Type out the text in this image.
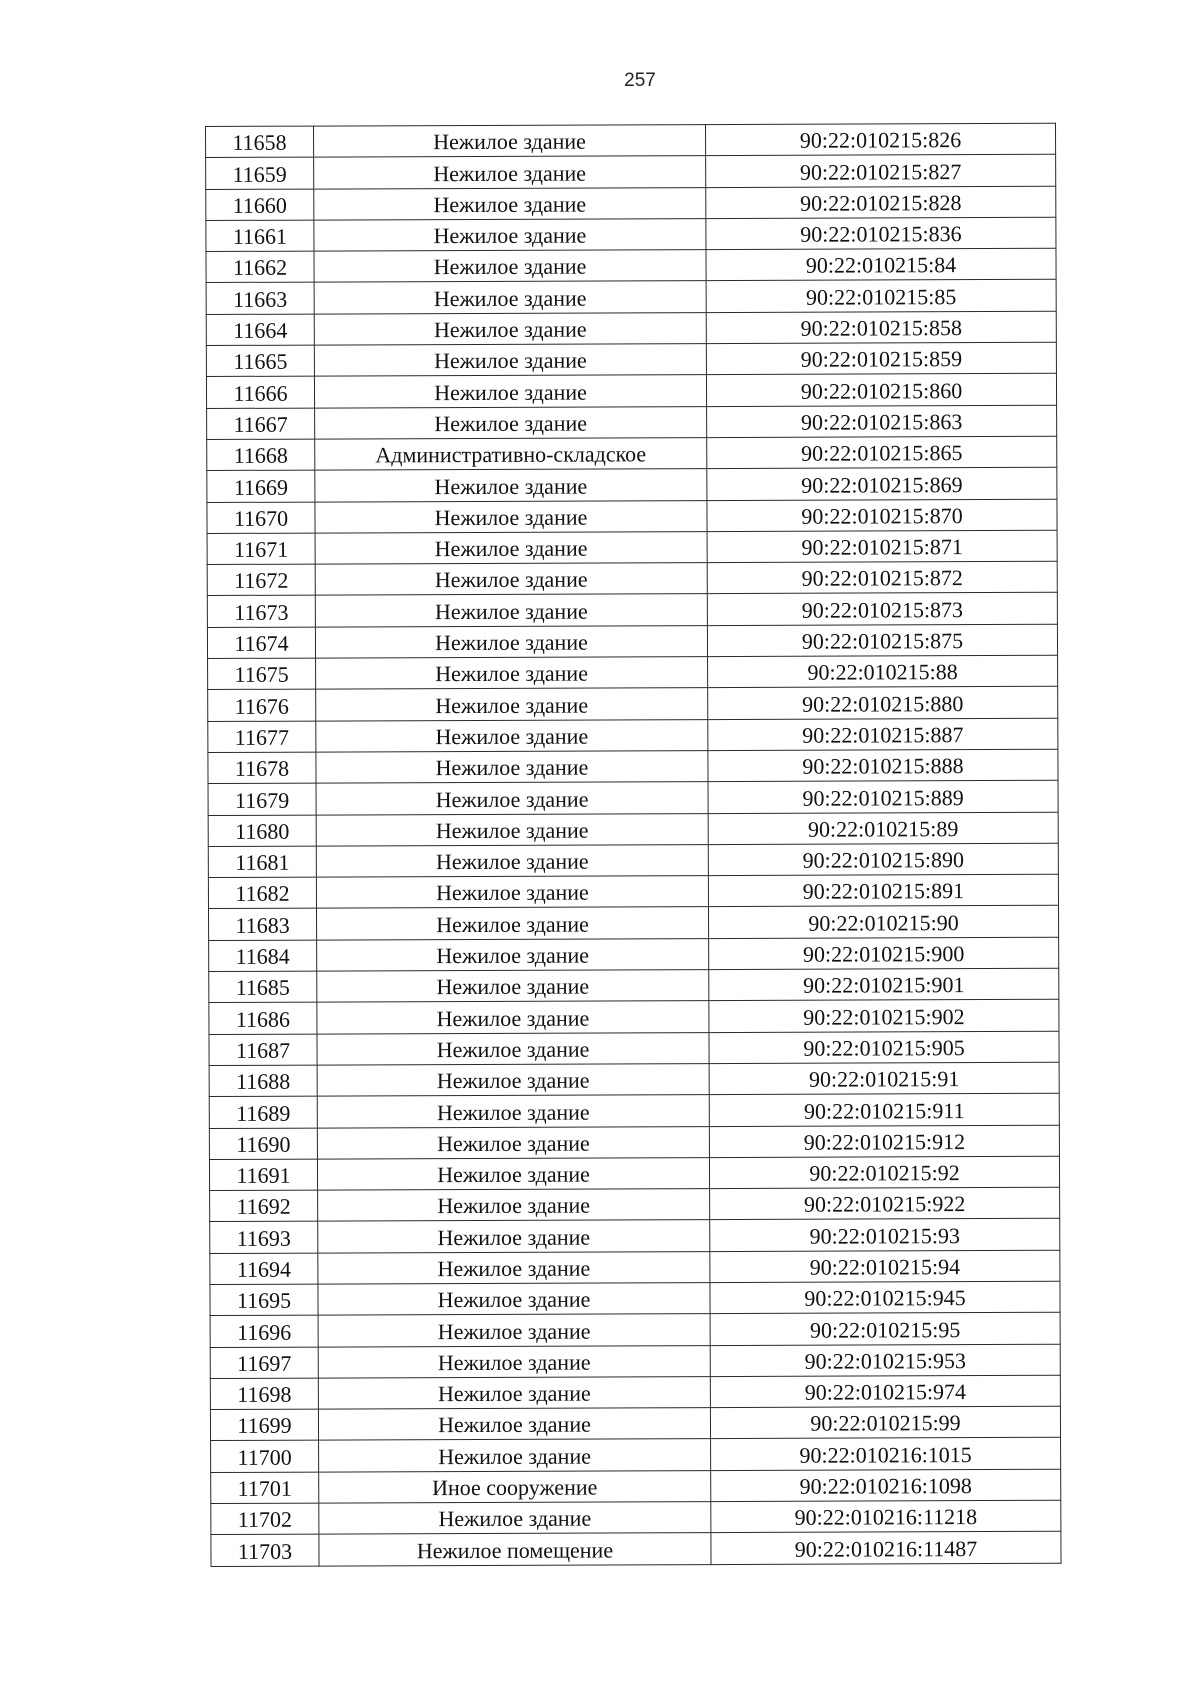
257
11658	Нежилое здание	90:22:010215:826
11659	Нежилое здание	90:22:010215:827
11660	Нежилое здание	90:22:010215:828
11661	Нежилое здание	90:22:010215:836
11662	Нежилое здание	90:22:010215:84
11663	Нежилое здание	90:22:010215:85
11664	Нежилое здание	90:22:010215:858
11665	Нежилое здание	90:22:010215:859
11666	Нежилое здание	90:22:010215:860
11667	Нежилое здание	90:22:010215:863
11668	Административно-складское	90:22:010215:865
11669	Нежилое здание	90:22:010215:869
11670	Нежилое здание	90:22:010215:870
11671	Нежилое здание	90:22:010215:871
11672	Нежилое здание	90:22:010215:872
11673	Нежилое здание	90:22:010215:873
11674	Нежилое здание	90:22:010215:875
11675	Нежилое здание	90:22:010215:88
11676	Нежилое здание	90:22:010215:880
11677	Нежилое здание	90:22:010215:887
11678	Нежилое здание	90:22:010215:888
11679	Нежилое здание	90:22:010215:889
11680	Нежилое здание	90:22:010215:89
11681	Нежилое здание	90:22:010215:890
11682	Нежилое здание	90:22:010215:891
11683	Нежилое здание	90:22:010215:90
11684	Нежилое здание	90:22:010215:900
11685	Нежилое здание	90:22:010215:901
11686	Нежилое здание	90:22:010215:902
11687	Нежилое здание	90:22:010215:905
11688	Нежилое здание	90:22:010215:91
11689	Нежилое здание	90:22:010215:911
11690	Нежилое здание	90:22:010215:912
11691	Нежилое здание	90:22:010215:92
11692	Нежилое здание	90:22:010215:922
11693	Нежилое здание	90:22:010215:93
11694	Нежилое здание	90:22:010215:94
11695	Нежилое здание	90:22:010215:945
11696	Нежилое здание	90:22:010215:95
11697	Нежилое здание	90:22:010215:953
11698	Нежилое здание	90:22:010215:974
11699	Нежилое здание	90:22:010215:99
11700	Нежилое здание	90:22:010216:1015
11701	Иное сооружение	90:22:010216:1098
11702	Нежилое здание	90:22:010216:11218
11703	Нежилое помещение	90:22:010216:11487
